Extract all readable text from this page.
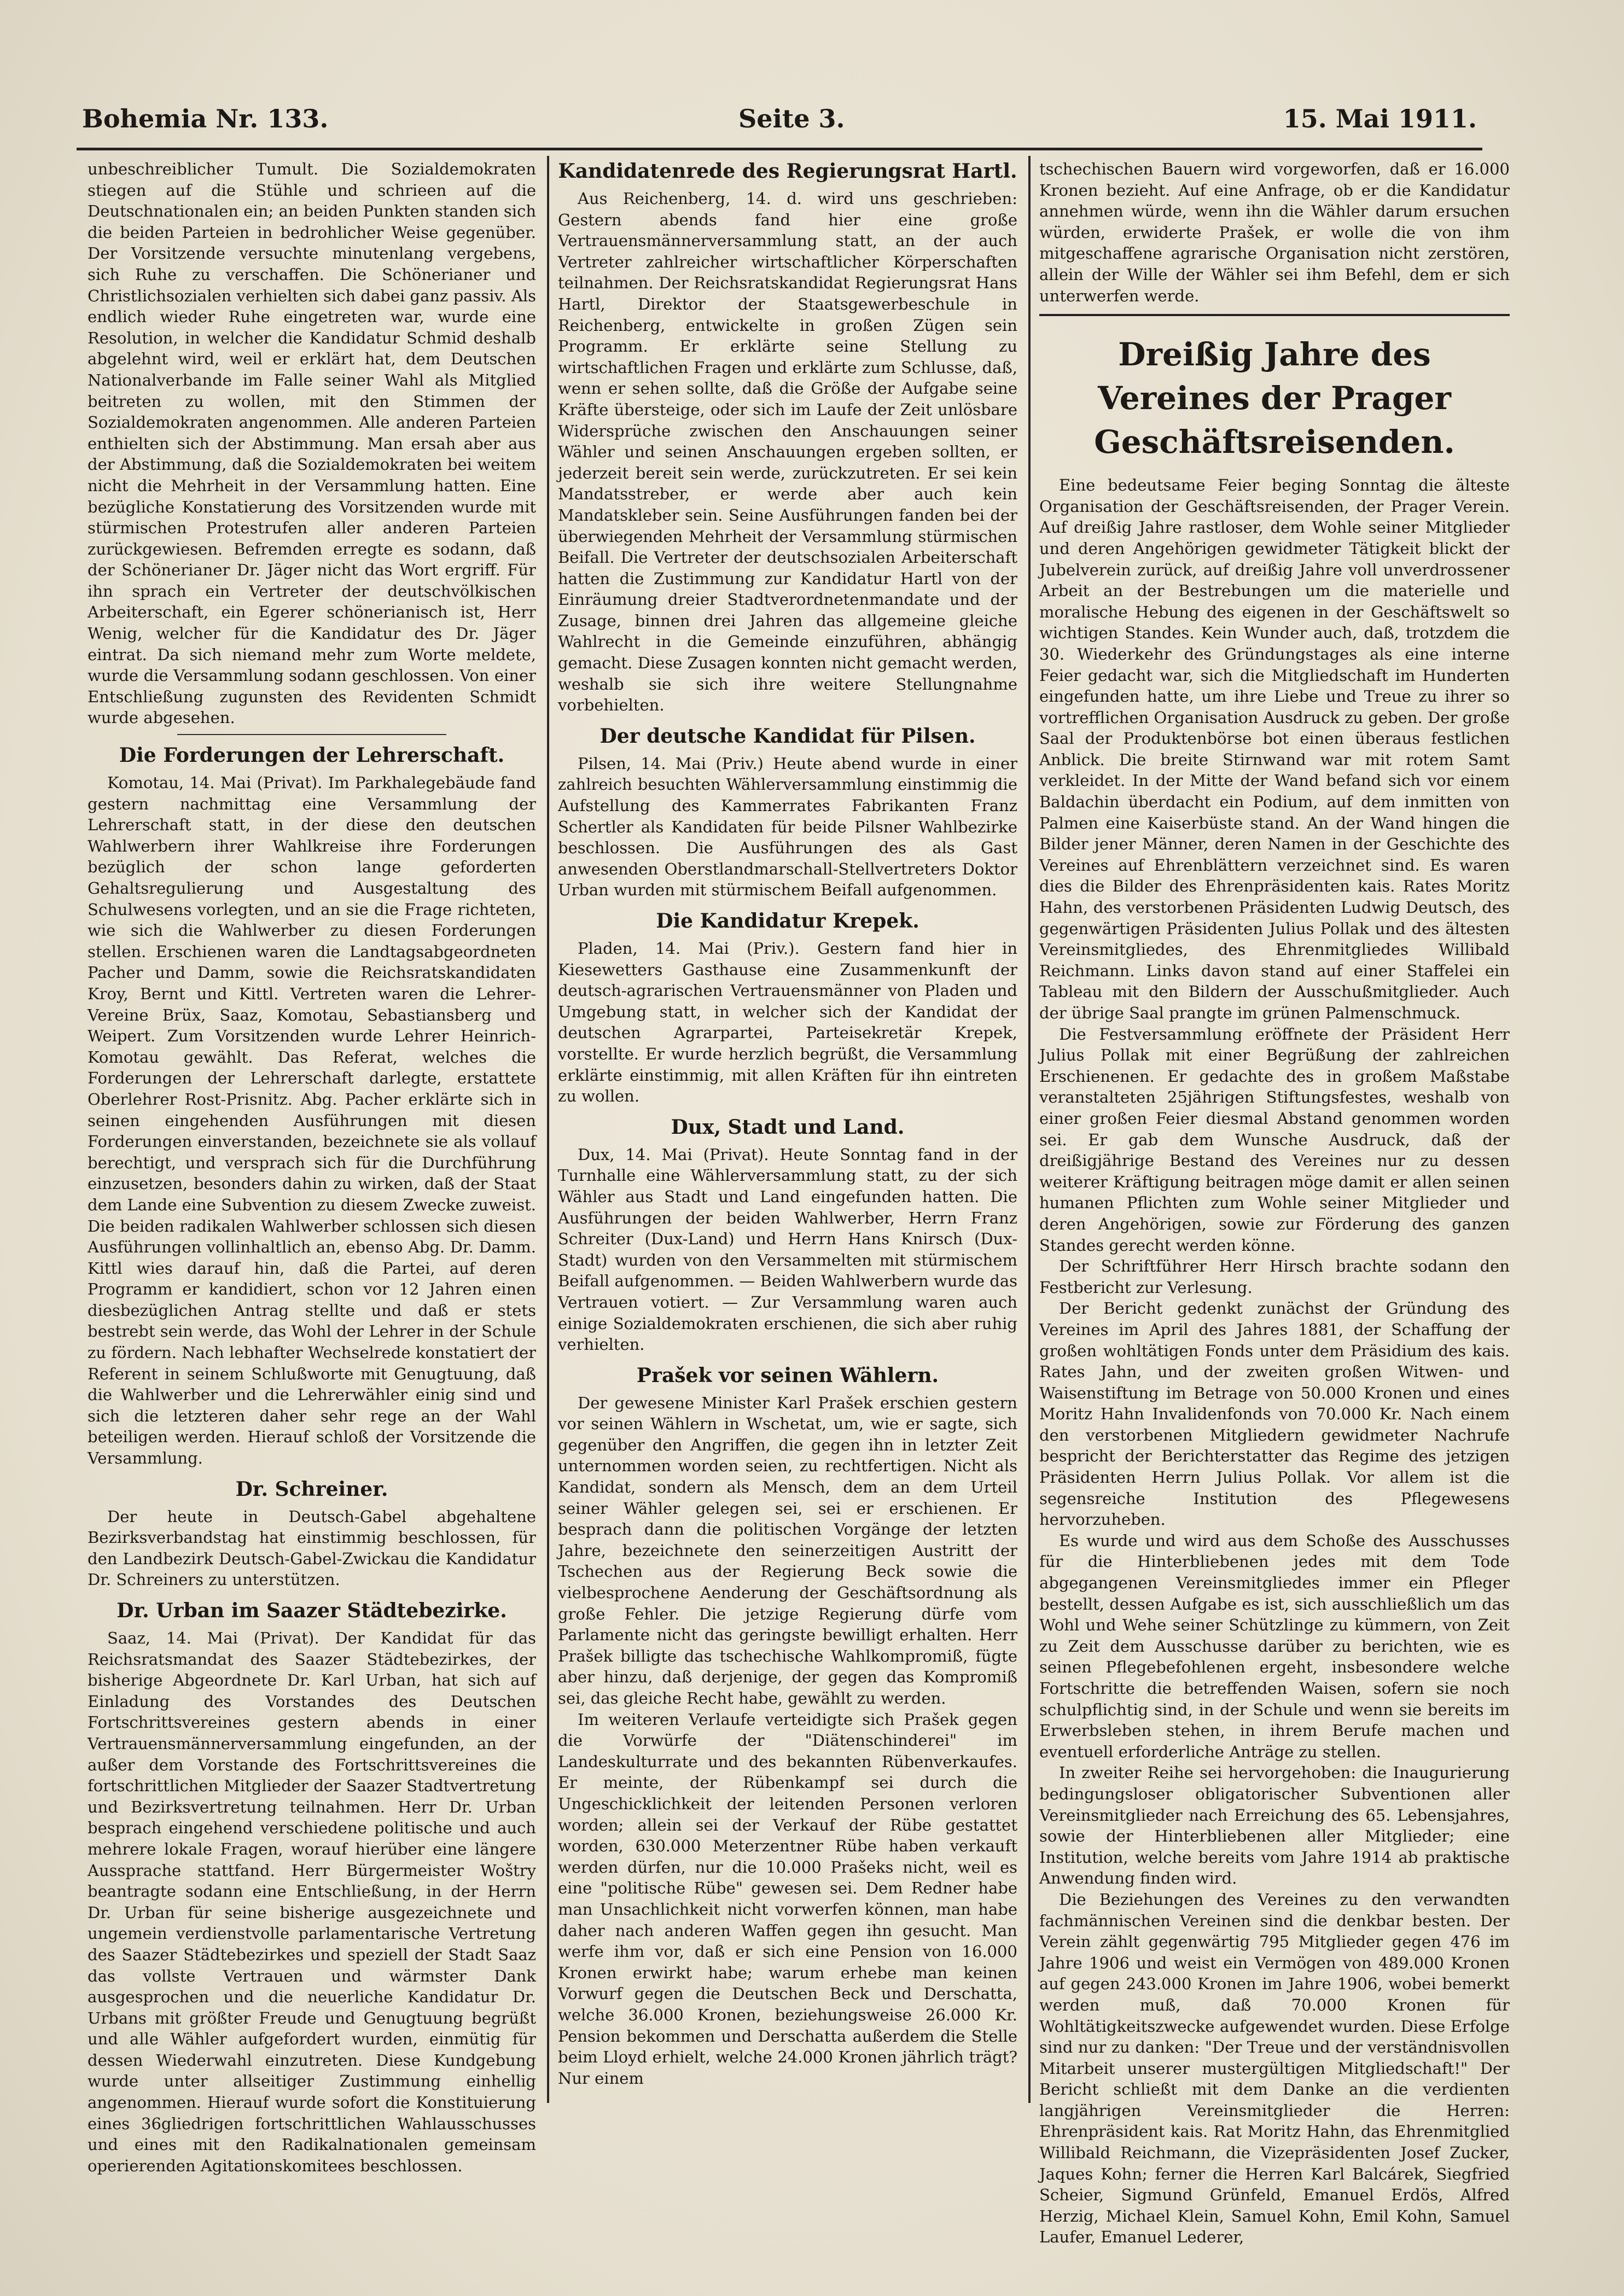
Bohemia Nr. 133.	Seite 3.	15. Mai 1911.

unbeschreiblicher Tumult. Die Sozialdemokraten stiegen auf die Stühle und schrieen auf die Deutschnationalen ein; an beiden Punkten standen sich die beiden Parteien in bedrohlicher Weise gegenüber. Der Vorsitzende versuchte minutenlang vergebens, sich Ruhe zu verschaffen. Die Schönerianer und Christlichsozialen verhielten sich dabei ganz passiv. Als endlich wieder Ruhe eingetreten war, wurde eine Resolution, in welcher die Kandidatur Schmid deshalb abgelehnt wird, weil er erklärt hat, dem Deutschen Nationalverbande im Falle seiner Wahl als Mitglied beitreten zu wollen, mit den Stimmen der Sozialdemokraten angenommen. Alle anderen Parteien enthielten sich der Abstimmung. Man ersah aber aus der Abstimmung, daß die Sozialdemokraten bei weitem nicht die Mehrheit in der Versammlung hatten. Eine bezügliche Konstatierung des Vorsitzenden wurde mit stürmischen Protestrufen aller anderen Parteien zurückgewiesen. Befremden erregte es sodann, daß der Schönerianer Dr. Jäger nicht das Wort ergriff. Für ihn sprach ein Vertreter der deutschvölkischen Arbeiterschaft, ein Egerer schönerianisch ist, Herr Wenig, welcher für die Kandidatur des Dr. Jäger eintrat. Da sich niemand mehr zum Worte meldete, wurde die Versammlung sodann geschlossen. Von einer Entschließung zugunsten des Revidenten Schmidt wurde abgesehen.

Die Forderungen der Lehrerschaft.

Komotau, 14. Mai (Privat). Im Parkhalegebäude fand gestern nachmittag eine Versammlung der Lehrerschaft statt, in der diese den deutschen Wahlwerbern ihrer Wahlkreise ihre Forderungen bezüglich der schon lange geforderten Gehaltsregulierung und Ausgestaltung des Schulwesens vorlegten, und an sie die Frage richteten, wie sich die Wahlwerber zu diesen Forderungen stellen. Erschienen waren die Landtagsabgeordneten Pacher und Damm, sowie die Reichsratskandidaten Kroy, Bernt und Kittl. Vertreten waren die Lehrer-Vereine Brüx, Saaz, Komotau, Sebastiansberg und Weipert. Zum Vorsitzenden wurde Lehrer Heinrich-Komotau gewählt. Das Referat, welches die Forderungen der Lehrerschaft darlegte, erstattete Oberlehrer Rost-Prisnitz. Abg. Pacher erklärte sich in seinen eingehenden Ausführungen mit diesen Forderungen einverstanden, bezeichnete sie als vollauf berechtigt, und versprach sich für die Durchführung einzusetzen, besonders dahin zu wirken, daß der Staat dem Lande eine Subvention zu diesem Zwecke zuweist. Die beiden radikalen Wahlwerber schlossen sich diesen Ausführungen vollinhaltlich an, ebenso Abg. Dr. Damm. Kittl wies darauf hin, daß die Partei, auf deren Programm er kandidiert, schon vor 12 Jahren einen diesbezüglichen Antrag stellte und daß er stets bestrebt sein werde, das Wohl der Lehrer in der Schule zu fördern. Nach lebhafter Wechselrede konstatiert der Referent in seinem Schlußworte mit Genugtuung, daß die Wahlwerber und die Lehrerwähler einig sind und sich die letzteren daher sehr rege an der Wahl beteiligen werden. Hierauf schloß der Vorsitzende die Versammlung.

Dr. Schreiner.

Der heute in Deutsch-Gabel abgehaltene Bezirksverbandstag hat einstimmig beschlossen, für den Landbezirk Deutsch-Gabel-Zwickau die Kandidatur Dr. Schreiners zu unterstützen.

Dr. Urban im Saazer Städtebezirke.

Saaz, 14. Mai (Privat). Der Kandidat für das Reichsratsmandat des Saazer Städtebezirkes, der bisherige Abgeordnete Dr. Karl Urban, hat sich auf Einladung des Vorstandes des Deutschen Fortschrittsvereines gestern abends in einer Vertrauensmännerversammlung eingefunden, an der außer dem Vorstande des Fortschrittsvereines die fortschrittlichen Mitglieder der Saazer Stadtvertretung und Bezirksvertretung teilnahmen. Herr Dr. Urban besprach eingehend verschiedene politische und auch mehrere lokale Fragen, worauf hierüber eine längere Aussprache stattfand. Herr Bürgermeister Woštry beantragte sodann eine Entschließung, in der Herrn Dr. Urban für seine bisherige ausgezeichnete und ungemein verdienstvolle parlamentarische Vertretung des Saazer Städtebezirkes und speziell der Stadt Saaz das vollste Vertrauen und wärmster Dank ausgesprochen und die neuerliche Kandidatur Dr. Urbans mit größter Freude und Genugtuung begrüßt und alle Wähler aufgefordert wurden, einmütig für dessen Wiederwahl einzutreten. Diese Kundgebung wurde unter allseitiger Zustimmung einhellig angenommen. Hierauf wurde sofort die Konstituierung eines 36gliedrigen fortschrittlichen Wahlausschusses und eines mit den Radikalnationalen gemeinsam operierenden Agitationskomitees beschlossen.

Kandidatenrede des Regierungsrat Hartl.

Aus Reichenberg, 14. d. wird uns geschrieben: Gestern abends fand hier eine große Vertrauensmännerversammlung statt, an der auch Vertreter zahlreicher wirtschaftlicher Körperschaften teilnahmen. Der Reichsratskandidat Regierungsrat Hans Hartl, Direktor der Staatsgewerbeschule in Reichenberg, entwickelte in großen Zügen sein Programm. Er erklärte seine Stellung zu wirtschaftlichen Fragen und erklärte zum Schlusse, daß, wenn er sehen sollte, daß die Größe der Aufgabe seine Kräfte übersteige, oder sich im Laufe der Zeit unlösbare Widersprüche zwischen den Anschauungen seiner Wähler und seinen Anschauungen ergeben sollten, er jederzeit bereit sein werde, zurückzutreten. Er sei kein Mandatsstreber, er werde aber auch kein Mandatskleber sein. Seine Ausführungen fanden bei der überwiegenden Mehrheit der Versammlung stürmischen Beifall. Die Vertreter der deutschsozialen Arbeiterschaft hatten die Zustimmung zur Kandidatur Hartl von der Einräumung dreier Stadtverordnetenmandate und der Zusage, binnen drei Jahren das allgemeine gleiche Wahlrecht in die Gemeinde einzuführen, abhängig gemacht. Diese Zusagen konnten nicht gemacht werden, weshalb sie sich ihre weitere Stellungnahme vorbehielten.

Der deutsche Kandidat für Pilsen.

Pilsen, 14. Mai (Priv.) Heute abend wurde in einer zahlreich besuchten Wählerversammlung einstimmig die Aufstellung des Kammerrates Fabrikanten Franz Schertler als Kandidaten für beide Pilsner Wahlbezirke beschlossen. Die Ausführungen des als Gast anwesenden Oberstlandmarschall-Stellvertreters Doktor Urban wurden mit stürmischem Beifall aufgenommen.

Die Kandidatur Krepek.

Pladen, 14. Mai (Priv.). Gestern fand hier in Kiesewetters Gasthause eine Zusammenkunft der deutsch-agrarischen Vertrauensmänner von Pladen und Umgebung statt, in welcher sich der Kandidat der deutschen Agrarpartei, Parteisekretär Krepek, vorstellte. Er wurde herzlich begrüßt, die Versammlung erklärte einstimmig, mit allen Kräften für ihn eintreten zu wollen.

Dux, Stadt und Land.

Dux, 14. Mai (Privat). Heute Sonntag fand in der Turnhalle eine Wählerversammlung statt, zu der sich Wähler aus Stadt und Land eingefunden hatten. Die Ausführungen der beiden Wahlwerber, Herrn Franz Schreiter (Dux-Land) und Herrn Hans Knirsch (Dux-Stadt) wurden von den Versammelten mit stürmischem Beifall aufgenommen. — Beiden Wahlwerbern wurde das Vertrauen votiert. — Zur Versammlung waren auch einige Sozialdemokraten erschienen, die sich aber ruhig verhielten.

Prašek vor seinen Wählern.

Der gewesene Minister Karl Prašek erschien gestern vor seinen Wählern in Wschetat, um, wie er sagte, sich gegenüber den Angriffen, die gegen ihn in letzter Zeit unternommen worden seien, zu rechtfertigen. Nicht als Kandidat, sondern als Mensch, dem an dem Urteil seiner Wähler gelegen sei, sei er erschienen. Er besprach dann die politischen Vorgänge der letzten Jahre, bezeichnete den seinerzeitigen Austritt der Tschechen aus der Regierung Beck sowie die vielbesprochene Aenderung der Geschäftsordnung als große Fehler. Die jetzige Regierung dürfe vom Parlamente nicht das geringste bewilligt erhalten. Herr Prašek billigte das tschechische Wahlkompromiß, fügte aber hinzu, daß derjenige, der gegen das Kompromiß sei, das gleiche Recht habe, gewählt zu werden.

Im weiteren Verlaufe verteidigte sich Prašek gegen die Vorwürfe der "Diätenschinderei" im Landeskulturrate und des bekannten Rübenverkaufes. Er meinte, der Rübenkampf sei durch die Ungeschicklichkeit der leitenden Personen verloren worden; allein sei der Verkauf der Rübe gestattet worden, 630.000 Meterzentner Rübe haben verkauft werden dürfen, nur die 10.000 Prašeks nicht, weil es eine "politische Rübe" gewesen sei. Dem Redner habe man Unsachlichkeit nicht vorwerfen können, man habe daher nach anderen Waffen gegen ihn gesucht. Man werfe ihm vor, daß er sich eine Pension von 16.000 Kronen erwirkt habe; warum erhebe man keinen Vorwurf gegen die Deutschen Beck und Derschatta, welche 36.000 Kronen, beziehungsweise 26.000 Kr. Pension bekommen und Derschatta außerdem die Stelle beim Lloyd erhielt, welche 24.000 Kronen jährlich trägt? Nur einem

tschechischen Bauern wird vorgeworfen, daß er 16.000 Kronen bezieht. Auf eine Anfrage, ob er die Kandidatur annehmen würde, wenn ihn die Wähler darum ersuchen würden, erwiderte Prašek, er wolle die von ihm mitgeschaffene agrarische Organisation nicht zerstören, allein der Wille der Wähler sei ihm Befehl, dem er sich unterwerfen werde.

Dreißig Jahre des Vereines der Prager Geschäftsreisenden.

Eine bedeutsame Feier beging Sonntag die älteste Organisation der Geschäftsreisenden, der Prager Verein. Auf dreißig Jahre rastloser, dem Wohle seiner Mitglieder und deren Angehörigen gewidmeter Tätigkeit blickt der Jubelverein zurück, auf dreißig Jahre voll unverdrossener Arbeit an der Bestrebungen um die materielle und moralische Hebung des eigenen in der Geschäftswelt so wichtigen Standes. Kein Wunder auch, daß, trotzdem die 30. Wiederkehr des Gründungstages als eine interne Feier gedacht war, sich die Mitgliedschaft im Hunderten eingefunden hatte, um ihre Liebe und Treue zu ihrer so vortrefflichen Organisation Ausdruck zu geben. Der große Saal der Produktenbörse bot einen überaus festlichen Anblick. Die breite Stirnwand war mit rotem Samt verkleidet. In der Mitte der Wand befand sich vor einem Baldachin überdacht ein Podium, auf dem inmitten von Palmen eine Kaiserbüste stand. An der Wand hingen die Bilder jener Männer, deren Namen in der Geschichte des Vereines auf Ehrenblättern verzeichnet sind. Es waren dies die Bilder des Ehrenpräsidenten kais. Rates Moritz Hahn, des verstorbenen Präsidenten Ludwig Deutsch, des gegenwärtigen Präsidenten Julius Pollak und des ältesten Vereinsmitgliedes, des Ehrenmitgliedes Willibald Reichmann. Links davon stand auf einer Staffelei ein Tableau mit den Bildern der Ausschußmitglieder. Auch der übrige Saal prangte im grünen Palmenschmuck.

Die Festversammlung eröffnete der Präsident Herr Julius Pollak mit einer Begrüßung der zahlreichen Erschienenen. Er gedachte des in großem Maßstabe veranstalteten 25jährigen Stiftungsfestes, weshalb von einer großen Feier diesmal Abstand genommen worden sei. Er gab dem Wunsche Ausdruck, daß der dreißigjährige Bestand des Vereines nur zu dessen weiterer Kräftigung beitragen möge damit er allen seinen humanen Pflichten zum Wohle seiner Mitglieder und deren Angehörigen, sowie zur Förderung des ganzen Standes gerecht werden könne.

Der Schriftführer Herr Hirsch brachte sodann den Festbericht zur Verlesung.

Der Bericht gedenkt zunächst der Gründung des Vereines im April des Jahres 1881, der Schaffung der großen wohltätigen Fonds unter dem Präsidium des kais. Rates Jahn, und der zweiten großen Witwen- und Waisenstiftung im Betrage von 50.000 Kronen und eines Moritz Hahn Invalidenfonds von 70.000 Kr. Nach einem den verstorbenen Mitgliedern gewidmeter Nachrufe bespricht der Berichterstatter das Regime des jetzigen Präsidenten Herrn Julius Pollak. Vor allem ist die segensreiche Institution des Pflegewesens hervorzuheben.

Es wurde und wird aus dem Schoße des Ausschusses für die Hinterbliebenen jedes mit dem Tode abgegangenen Vereinsmitgliedes immer ein Pfleger bestellt, dessen Aufgabe es ist, sich ausschließlich um das Wohl und Wehe seiner Schützlinge zu kümmern, von Zeit zu Zeit dem Ausschusse darüber zu berichten, wie es seinen Pflegebefohlenen ergeht, insbesondere welche Fortschritte die betreffenden Waisen, sofern sie noch schulpflichtig sind, in der Schule und wenn sie bereits im Erwerbsleben stehen, in ihrem Berufe machen und eventuell erforderliche Anträge zu stellen.

In zweiter Reihe sei hervorgehoben: die Inaugurierung bedingungsloser obligatorischer Subventionen aller Vereinsmitglieder nach Erreichung des 65. Lebensjahres, sowie der Hinterbliebenen aller Mitglieder; eine Institution, welche bereits vom Jahre 1914 ab praktische Anwendung finden wird.

Die Beziehungen des Vereines zu den verwandten fachmännischen Vereinen sind die denkbar besten. Der Verein zählt gegenwärtig 795 Mitglieder gegen 476 im Jahre 1906 und weist ein Vermögen von 489.000 Kronen auf gegen 243.000 Kronen im Jahre 1906, wobei bemerkt werden muß, daß 70.000 Kronen für Wohltätigkeitszwecke aufgewendet wurden. Diese Erfolge sind nur zu danken: "Der Treue und der verständnisvollen Mitarbeit unserer mustergültigen Mitgliedschaft!" Der Bericht schließt mit dem Danke an die verdienten langjährigen Vereinsmitglieder die Herren: Ehrenpräsident kais. Rat Moritz Hahn, das Ehrenmitglied Willibald Reichmann, die Vizepräsidenten Josef Zucker, Jaques Kohn; ferner die Herren Karl Balcárek, Siegfried Scheier, Sigmund Grünfeld, Emanuel Erdös, Alfred Herzig, Michael Klein, Samuel Kohn, Emil Kohn, Samuel Laufer, Emanuel Lederer,
